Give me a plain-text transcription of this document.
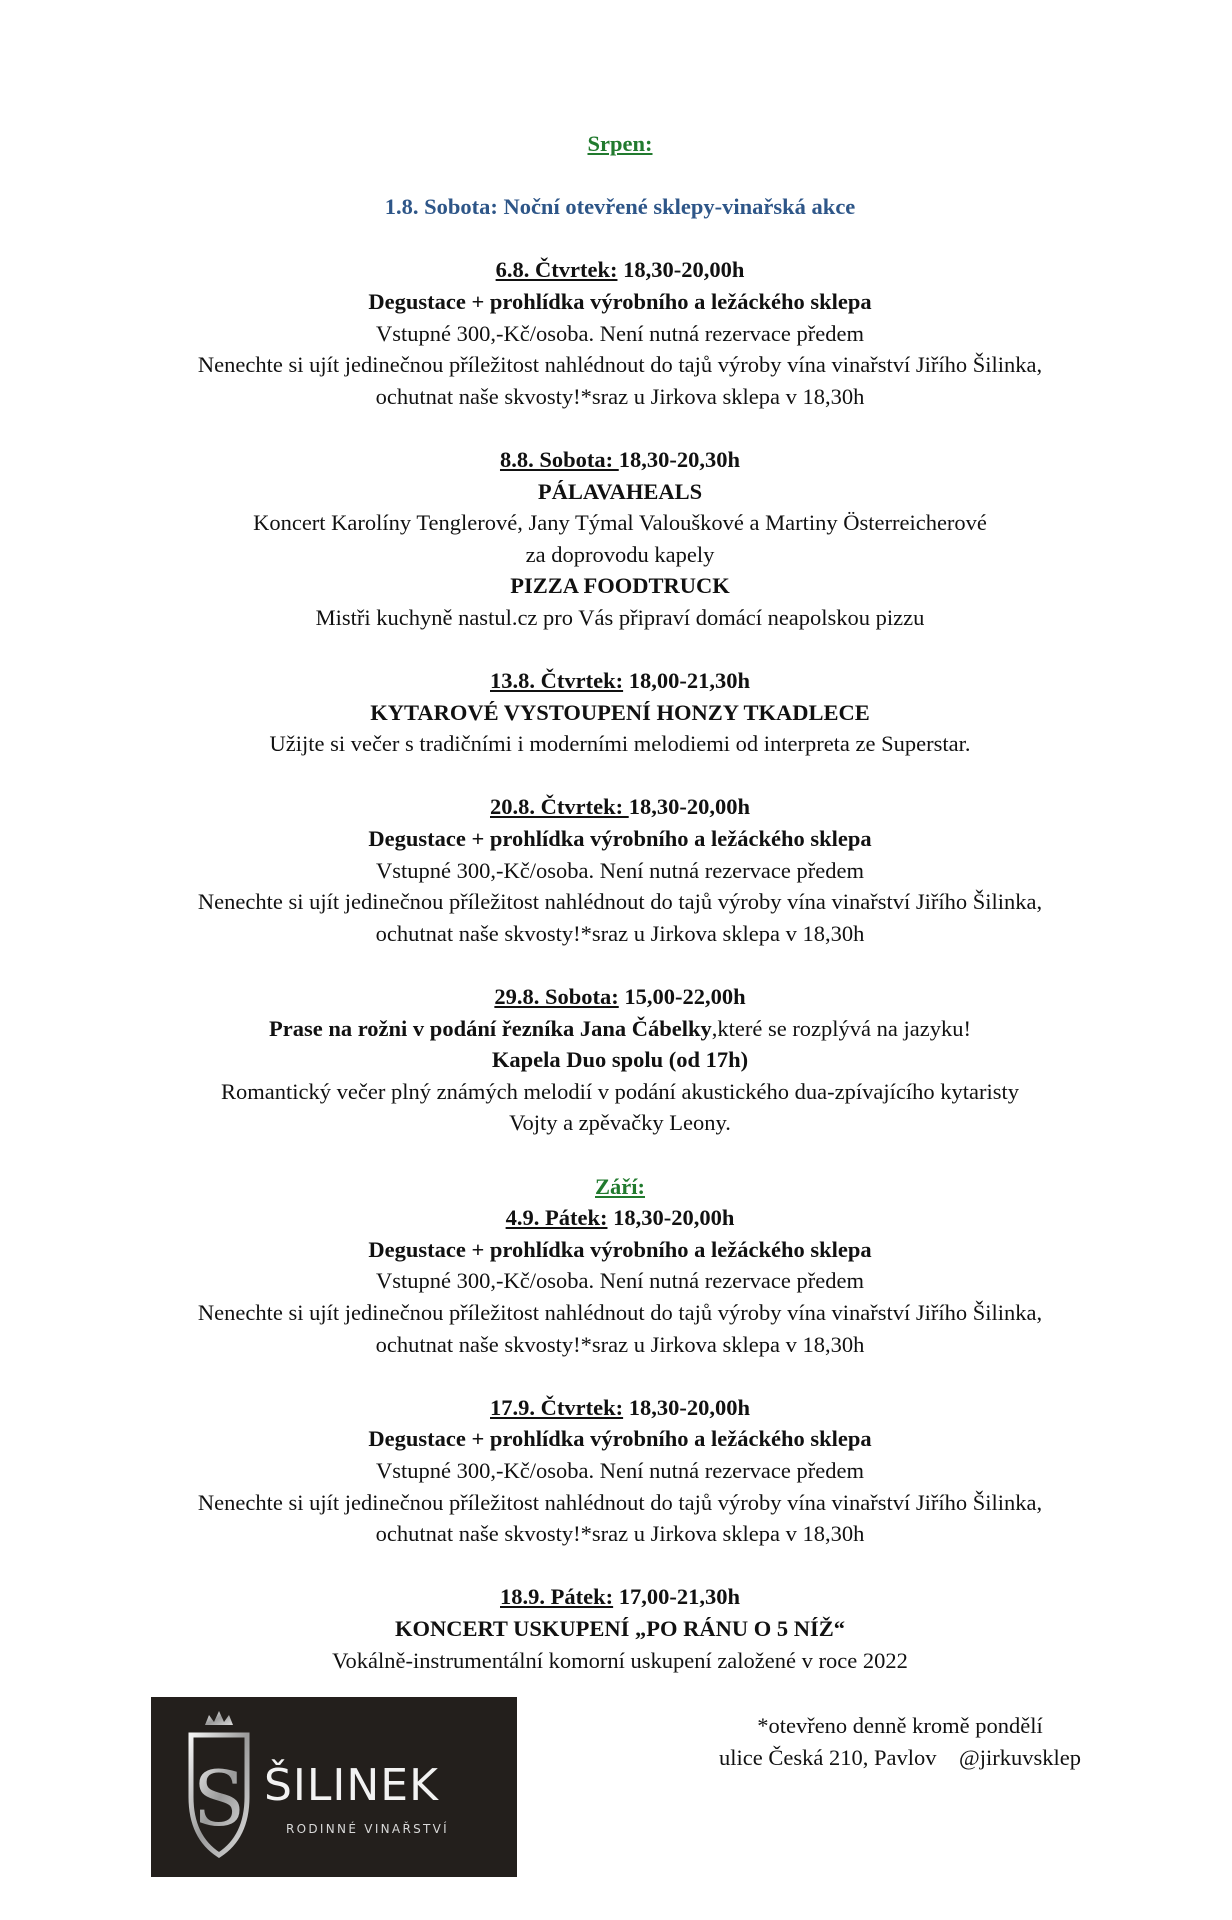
Srpen:
1.8. Sobota: Noční otevřené sklepy-vinařská akce
6.8. Čtvrtek: 18,30-20,00h
Degustace + prohlídka výrobního a ležáckého sklepa
Vstupné 300,-Kč/osoba. Není nutná rezervace předem
Nenechte si ujít jedinečnou příležitost nahlédnout do tajů výroby vína vinařství Jiřího Šilinka,
ochutnat naše skvosty!*sraz u Jirkova sklepa v 18,30h
8.8. Sobota: 18,30-20,30h
PÁLAVAHEALS
Koncert Karolíny Tenglerové, Jany Týmal Valouškové a Martiny Österreicherové
za doprovodu kapely
PIZZA FOODTRUCK
Mistři kuchyně nastul.cz pro Vás připraví domácí neapolskou pizzu
13.8. Čtvrtek: 18,00-21,30h
KYTAROVÉ VYSTOUPENÍ HONZY TKADLECE
Užijte si večer s tradičními i moderními melodiemi od interpreta ze Superstar.
20.8. Čtvrtek: 18,30-20,00h
Degustace + prohlídka výrobního a ležáckého sklepa
Vstupné 300,-Kč/osoba. Není nutná rezervace předem
Nenechte si ujít jedinečnou příležitost nahlédnout do tajů výroby vína vinařství Jiřího Šilinka,
ochutnat naše skvosty!*sraz u Jirkova sklepa v 18,30h
29.8. Sobota: 15,00-22,00h
Prase na rožni v podání řezníka Jana Čábelky,které se rozplývá na jazyku!
Kapela Duo spolu (od 17h)
Romantický večer plný známých melodií v podání akustického dua-zpívajícího kytaristy
Vojty a zpěvačky Leony.
Září:
4.9. Pátek: 18,30-20,00h
Degustace + prohlídka výrobního a ležáckého sklepa
Vstupné 300,-Kč/osoba. Není nutná rezervace předem
Nenechte si ujít jedinečnou příležitost nahlédnout do tajů výroby vína vinařství Jiřího Šilinka,
ochutnat naše skvosty!*sraz u Jirkova sklepa v 18,30h
17.9. Čtvrtek: 18,30-20,00h
Degustace + prohlídka výrobního a ležáckého sklepa
Vstupné 300,-Kč/osoba. Není nutná rezervace předem
Nenechte si ujít jedinečnou příležitost nahlédnout do tajů výroby vína vinařství Jiřího Šilinka,
ochutnat naše skvosty!*sraz u Jirkova sklepa v 18,30h
18.9. Pátek: 17,00-21,30h
KONCERT USKUPENÍ „PO RÁNU O 5 NÍŽ“
Vokálně-instrumentální komorní uskupení založené v roce 2022
S ŠILINEK
RODINNÉ VINAŘSTVÍ
*otevřeno denně kromě pondělí
ulice Česká 210, Pavlov @jirkuvsklep
